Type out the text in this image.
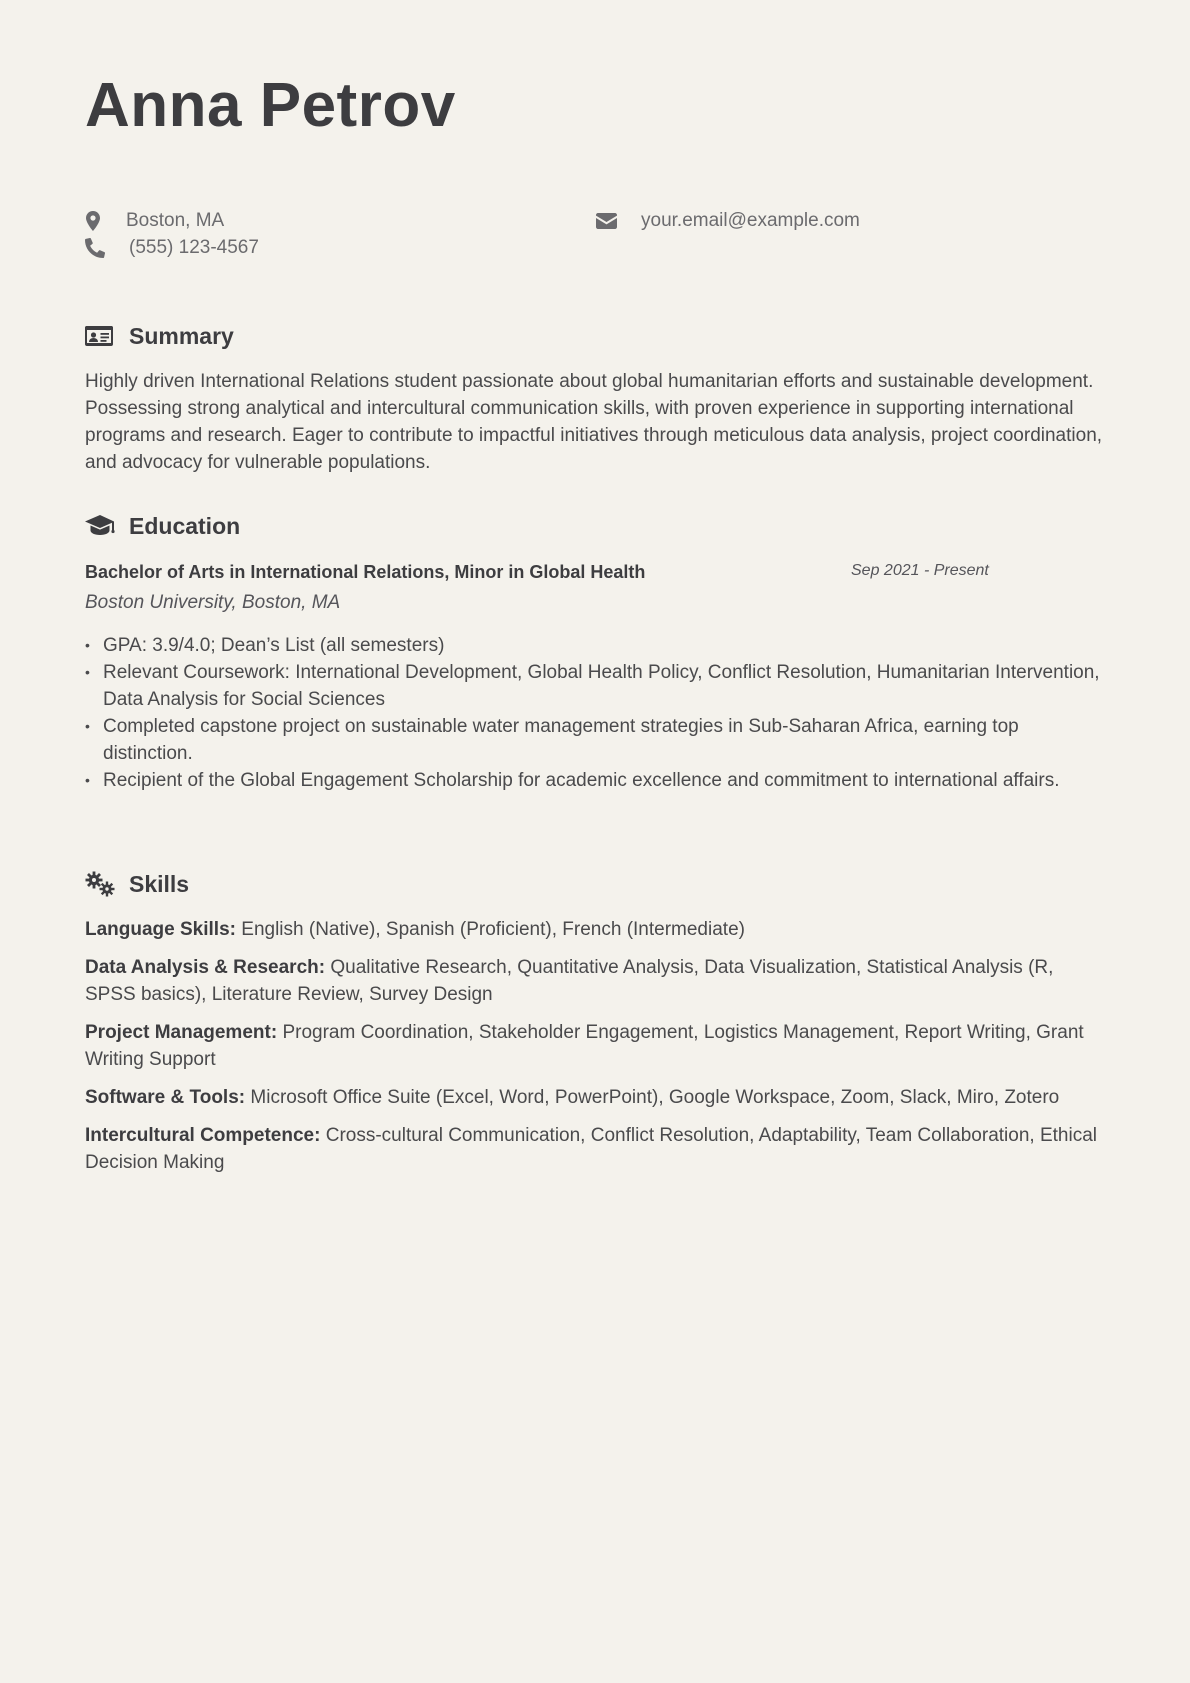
Anna Petrov
Boston, MA	your.email@example.com
(555) 123-4567
Summary

Highly driven International Relations student passionate about global humanitarian efforts and sustainable development. Possessing strong analytical and intercultural communication skills, with proven experience in supporting international programs and research. Eager to contribute to impactful initiatives through meticulous data analysis, project coordination, and advocacy for vulnerable populations.

Education
Bachelor of Arts in International Relations, Minor in Global Health	Sep 2021 - Present
Boston University, Boston, MA
• GPA: 3.9/4.0; Dean’s List (all semesters)
• Relevant Coursework: International Development, Global Health Policy, Conflict Resolution, Humanitarian Intervention, Data Analysis for Social Sciences
• Completed capstone project on sustainable water management strategies in Sub-Saharan Africa, earning top distinction.
• Recipient of the Global Engagement Scholarship for academic excellence and commitment to international affairs.
Skills
Language Skills: English (Native), Spanish (Proficient), French (Intermediate)
Data Analysis & Research: Qualitative Research, Quantitative Analysis, Data Visualization, Statistical Analysis (R, SPSS basics), Literature Review, Survey Design
Project Management: Program Coordination, Stakeholder Engagement, Logistics Management, Report Writing, Grant Writing Support
Software & Tools: Microsoft Office Suite (Excel, Word, PowerPoint), Google Workspace, Zoom, Slack, Miro, Zotero
Intercultural Competence: Cross-cultural Communication, Conflict Resolution, Adaptability, Team Collaboration, Ethical Decision Making
